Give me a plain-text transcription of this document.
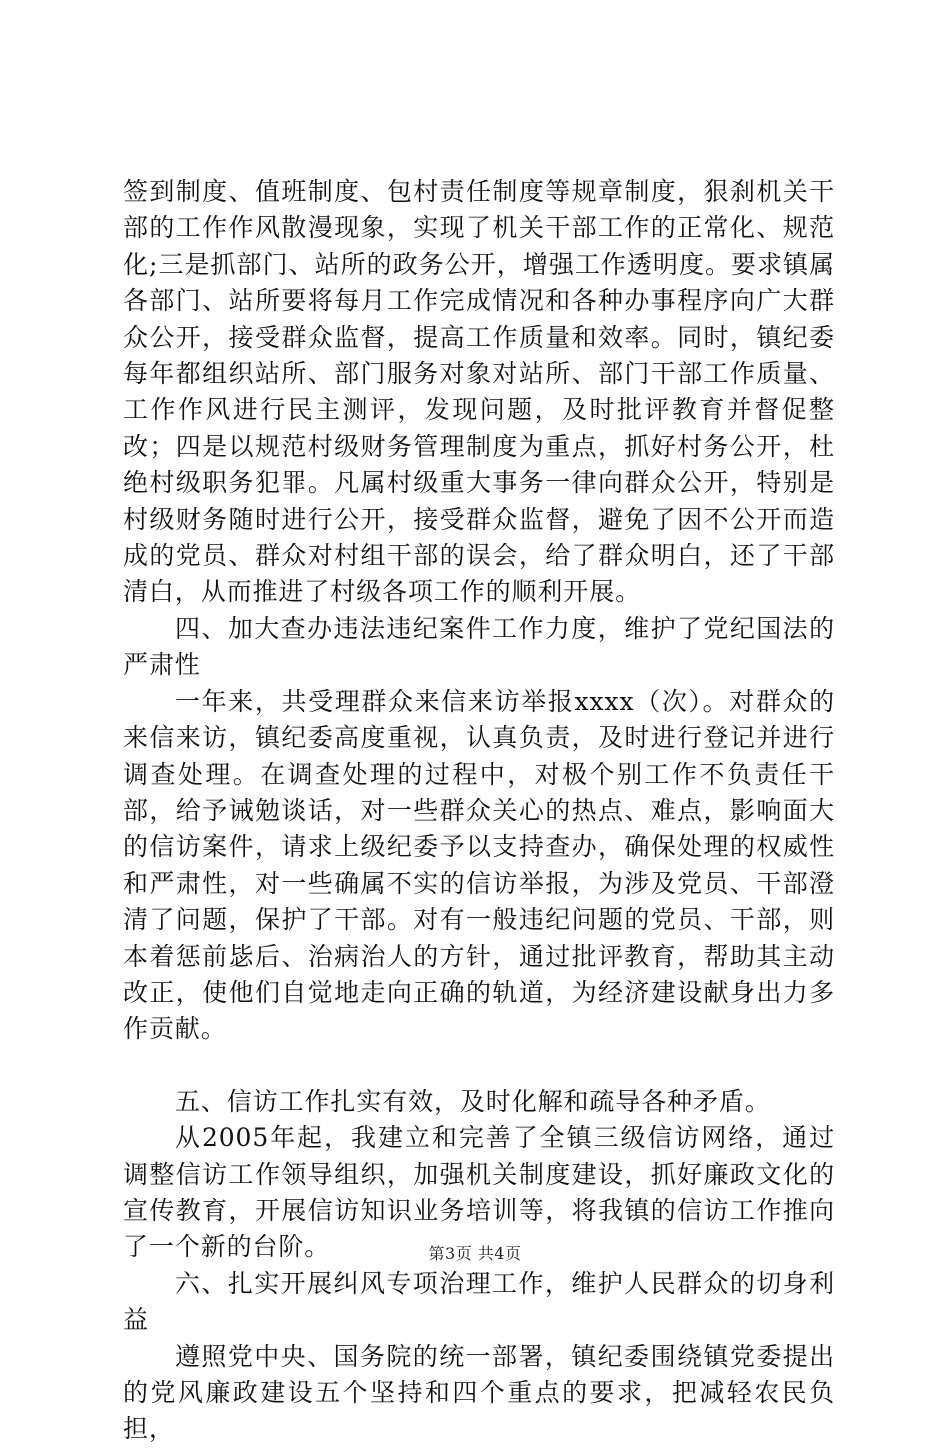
签到制度、值班制度、包村责任制度等规章制度，狠刹机关干部的工作作风散漫现象，实现了机关干部工作的正常化、规范化;三是抓部门、站所的政务公开，增强工作透明度。要求镇属各部门、站所要将每月工作完成情况和各种办事程序向广大群众公开，接受群众监督，提高工作质量和效率。同时，镇纪委每年都组织站所、部门服务对象对站所、部门干部工作质量、工作作风进行民主测评，发现问题，及时批评教育并督促整改；四是以规范村级财务管理制度为重点，抓好村务公开，杜绝村级职务犯罪。凡属村级重大事务一律向群众公开，特别是村级财务随时进行公开，接受群众监督，避免了因不公开而造成的党员、群众对村组干部的误会，给了群众明白，还了干部清白，从而推进了村级各项工作的顺利开展。

四、加大查办违法违纪案件工作力度，维护了党纪国法的严肃性

一年来，共受理群众来信来访举报xxxx（次）。对群众的来信来访，镇纪委高度重视，认真负责，及时进行登记并进行调查处理。在调查处理的过程中，对极个别工作不负责任干部，给予诫勉谈话，对一些群众关心的热点、难点，影响面大的信访案件，请求上级纪委予以支持查办，确保处理的权威性和严肃性，对一些确属不实的信访举报，为涉及党员、干部澄清了问题，保护了干部。对有一般违纪问题的党员、干部，则本着惩前毖后、治病治人的方针，通过批评教育，帮助其主动改正，使他们自觉地走向正确的轨道，为经济建设献身出力多作贡献。

五、信访工作扎实有效，及时化解和疏导各种矛盾。

从2005年起，我建立和完善了全镇三级信访网络，通过调整信访工作领导组织，加强机关制度建设，抓好廉政文化的宣传教育，开展信访知识业务培训等，将我镇的信访工作推向了一个新的台阶。

六、扎实开展纠风专项治理工作，维护人民群众的切身利益

遵照党中央、国务院的统一部署，镇纪委围绕镇党委提出的党风廉政建设五个坚持和四个重点的要求，把减轻农民负担，

第3页 共4页
